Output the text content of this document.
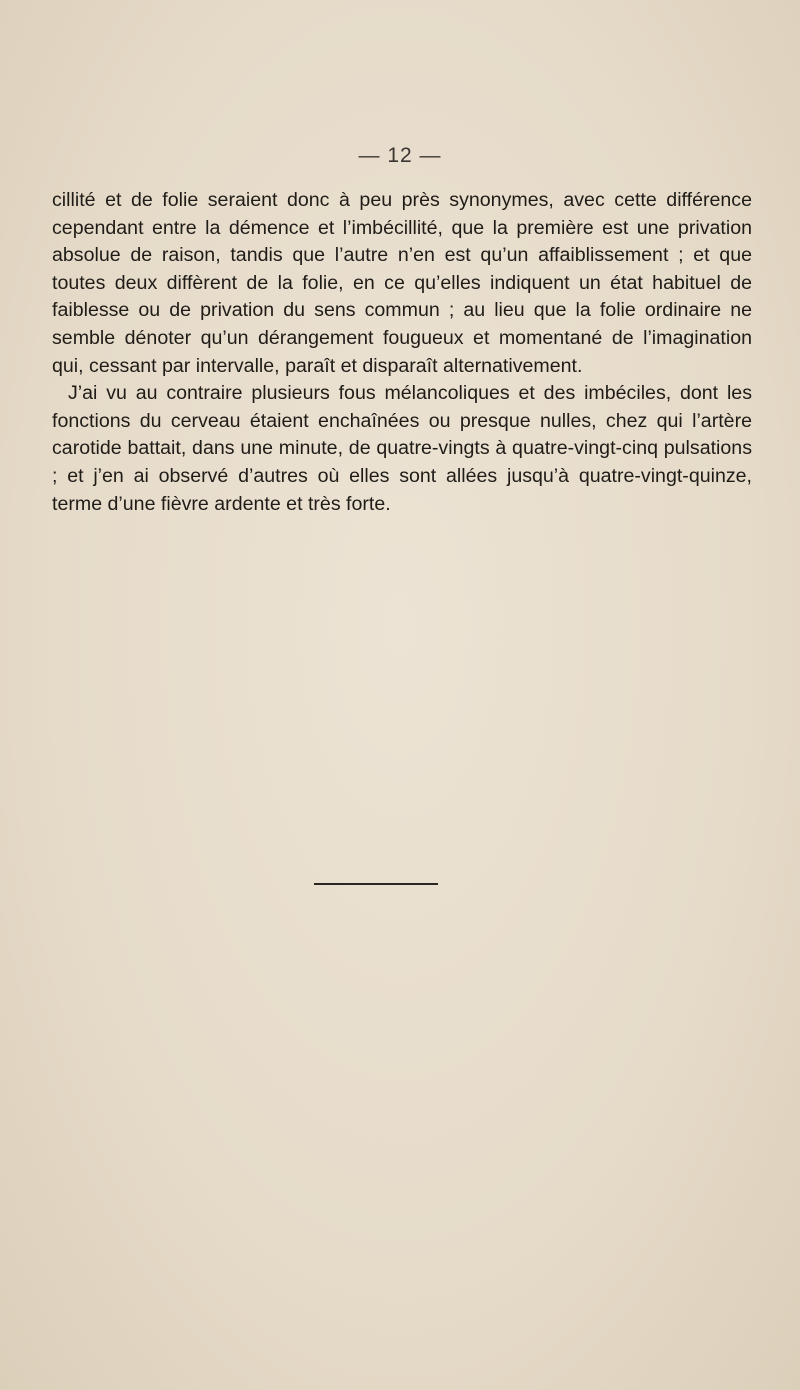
— 12 —

cillité et de folie seraient donc à peu près synonymes, avec cette différence cependant entre la démence et l’imbécillité, que la première est une privation absolue de raison, tandis que l’autre n’en est qu’un affaiblissement ; et que toutes deux diffèrent de la folie, en ce qu’elles indiquent un état habituel de faiblesse ou de privation du sens commun ; au lieu que la folie ordinaire ne semble dénoter qu’un dérangement fougueux et momentané de l’imagination qui, cessant par intervalle, paraît et disparaît alternativement.

J’ai vu au contraire plusieurs fous mélancoliques et des imbéciles, dont les fonctions du cerveau étaient enchaînées ou presque nulles, chez qui l’artère carotide battait, dans une minute, de quatre-vingts à quatre-vingt-cinq pulsations ; et j’en ai observé d’autres où elles sont allées jusqu’à quatre-vingt-quinze, terme d’une fièvre ardente et très forte.
